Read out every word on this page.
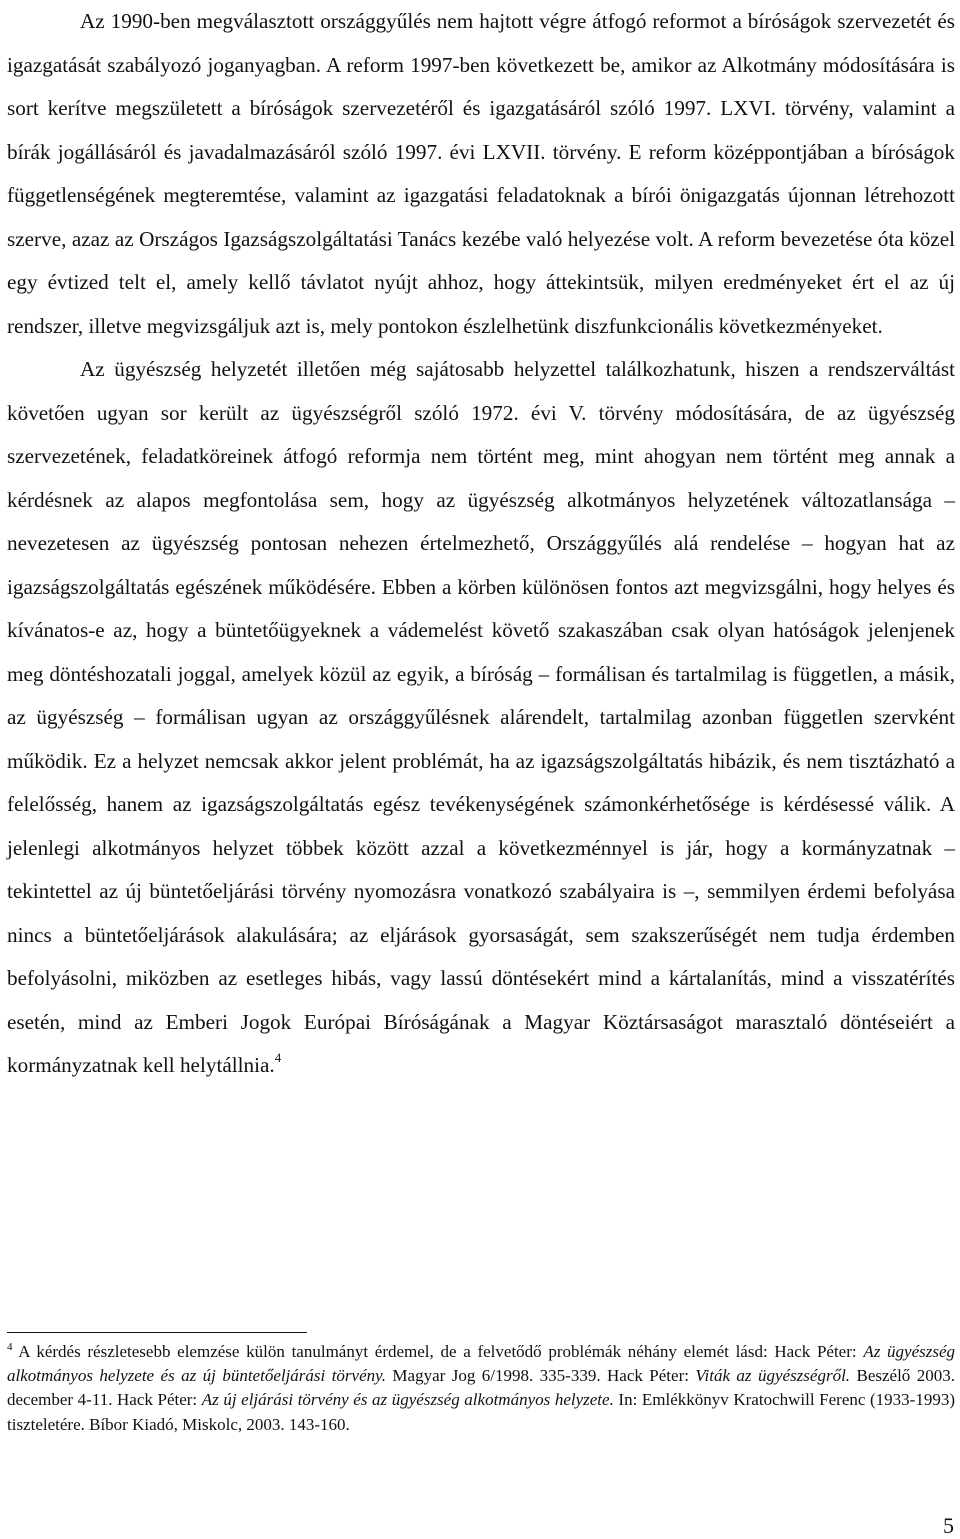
Az 1990-ben megválasztott országgyűlés nem hajtott végre átfogó reformot a bíróságok szervezetét és igazgatását szabályozó joganyagban. A reform 1997-ben következett be, amikor az Alkotmány módosítására is sort kerítve megszületett a bíróságok szervezetéről és igazgatásáról szóló 1997. LXVI. törvény, valamint a bírák jogállásáról és javadalmazásáról szóló 1997. évi LXVII. törvény. E reform középpontjában a bíróságok függetlenségének megteremtése, valamint az igazgatási feladatoknak a bírói önigazgatás újonnan létrehozott szerve, azaz az Országos Igazságszolgáltatási Tanács kezébe való helyezése volt. A reform bevezetése óta közel egy évtized telt el, amely kellő távlatot nyújt ahhoz, hogy áttekintsük, milyen eredményeket ért el az új rendszer, illetve megvizsgáljuk azt is, mely pontokon észlelhetünk diszfunkcionális következményeket.

Az ügyészség helyzetét illetően még sajátosabb helyzettel találkozhatunk, hiszen a rendszerváltást követően ugyan sor került az ügyészségről szóló 1972. évi V. törvény módosítására, de az ügyészség szervezetének, feladatköreinek átfogó reformja nem történt meg, mint ahogyan nem történt meg annak a kérdésnek az alapos megfontolása sem, hogy az ügyészség alkotmányos helyzetének változatlansága – nevezetesen az ügyészség pontosan nehezen értelmezhető, Országgyűlés alá rendelése – hogyan hat az igazságszolgáltatás egészének működésére. Ebben a körben különösen fontos azt megvizsgálni, hogy helyes és kívánatos-e az, hogy a büntetőügyeknek a vádemelést követő szakaszában csak olyan hatóságok jelenjenek meg döntéshozatali joggal, amelyek közül az egyik, a bíróság – formálisan és tartalmilag is független, a másik, az ügyészség – formálisan ugyan az országgyűlésnek alárendelt, tartalmilag azonban független szervként működik. Ez a helyzet nemcsak akkor jelent problémát, ha az igazságszolgáltatás hibázik, és nem tisztázható a felelősség, hanem az igazságszolgáltatás egész tevékenységének számonkérhetősége is kérdésessé válik. A jelenlegi alkotmányos helyzet többek között azzal a következménnyel is jár, hogy a kormányzatnak – tekintettel az új büntetőeljárási törvény nyomozásra vonatkozó szabályaira is –, semmilyen érdemi befolyása nincs a büntetőeljárások alakulására; az eljárások gyorsaságát, sem szakszerűségét nem tudja érdemben befolyásolni, miközben az esetleges hibás, vagy lassú döntésekért mind a kártalanítás, mind a visszatérítés esetén, mind az Emberi Jogok Európai Bíróságának a Magyar Köztársaságot marasztaló döntéseiért a kormányzatnak kell helytállnia.$^4$

$^4$ A kérdés részletesebb elemzése külön tanulmányt érdemel, de a felvetődő problémák néhány elemét lásd: Hack Péter: Az ügyészség alkotmányos helyzete és az új büntetőeljárási törvény. Magyar Jog 6/1998. 335-339. Hack Péter: Viták az ügyészségről. Beszélő 2003. december 4-11. Hack Péter: Az új eljárási törvény és az ügyészség alkotmányos helyzete. In: Emlékkönyv Kratochwill Ferenc (1933-1993) tiszteletére. Bíbor Kiadó, Miskolc, 2003. 143-160.

5
